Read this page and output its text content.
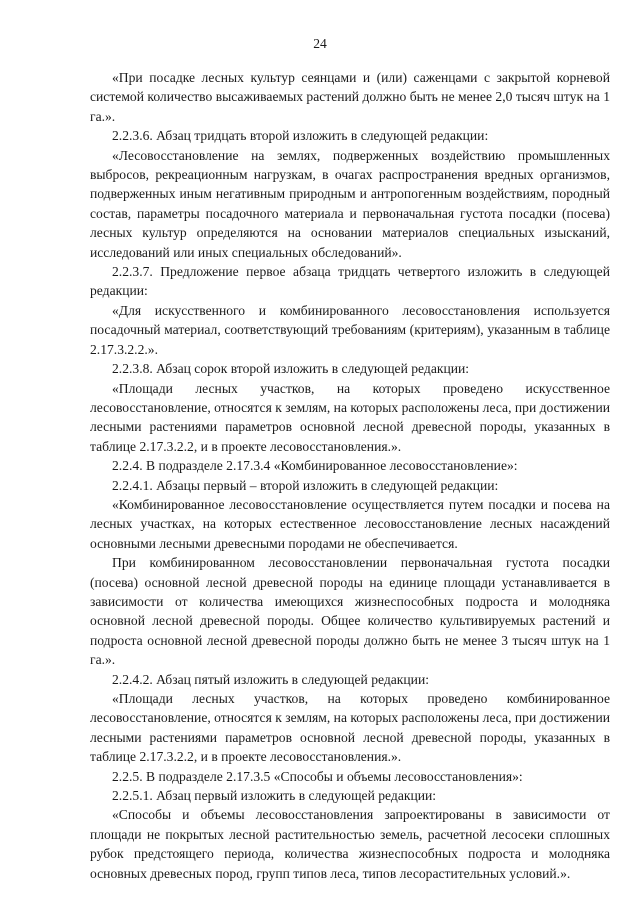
24

«При посадке лесных культур сеянцами и (или) саженцами с закрытой корневой системой количество высаживаемых растений должно быть не менее 2,0 тысяч штук на 1 га.».

2.2.3.6. Абзац тридцать второй изложить в следующей редакции:

«Лесовосстановление на землях, подверженных воздействию промышленных выбросов, рекреационным нагрузкам, в очагах распространения вредных организмов, подверженных иным негативным природным и антропогенным воздействиям, породный состав, параметры посадочного материала и первоначальная густота посадки (посева) лесных культур определяются на основании материалов специальных изысканий, исследований или иных специальных обследований».

2.2.3.7. Предложение первое абзаца тридцать четвертого изложить в следующей редакции:

«Для искусственного и комбинированного лесовосстановления используется посадочный материал, соответствующий требованиям (критериям), указанным в таблице 2.17.3.2.2.».

2.2.3.8. Абзац сорок второй изложить в следующей редакции:

«Площади лесных участков, на которых проведено искусственное лесовосстановление, относятся к землям, на которых расположены леса, при достижении лесными растениями параметров основной лесной древесной породы, указанных в таблице 2.17.3.2.2, и в проекте лесовосстановления.».

2.2.4. В подразделе 2.17.3.4 «Комбинированное лесовосстановление»:

2.2.4.1. Абзацы первый – второй изложить в следующей редакции:

«Комбинированное лесовосстановление осуществляется путем посадки и посева на лесных участках, на которых естественное лесовосстановление лесных насаждений основными лесными древесными породами не обеспечивается.

При комбинированном лесовосстановлении первоначальная густота посадки (посева) основной лесной древесной породы на единице площади устанавливается в зависимости от количества имеющихся жизнеспособных подроста и молодняка основной лесной древесной породы. Общее количество культивируемых растений и подроста основной лесной древесной породы должно быть не менее 3 тысяч штук на 1 га.».

2.2.4.2. Абзац пятый изложить в следующей редакции:

«Площади лесных участков, на которых проведено комбинированное лесовосстановление, относятся к землям, на которых расположены леса, при достижении лесными растениями параметров основной лесной древесной породы, указанных в таблице 2.17.3.2.2, и в проекте лесовосстановления.».

2.2.5. В подразделе 2.17.3.5 «Способы и объемы лесовосстановления»:

2.2.5.1. Абзац первый изложить в следующей редакции:

«Способы и объемы лесовосстановления запроектированы в зависимости от площади не покрытых лесной растительностью земель, расчетной лесосеки сплошных рубок предстоящего периода, количества жизнеспособных подроста и молодняка основных древесных пород, групп типов леса, типов лесорастительных условий.».
